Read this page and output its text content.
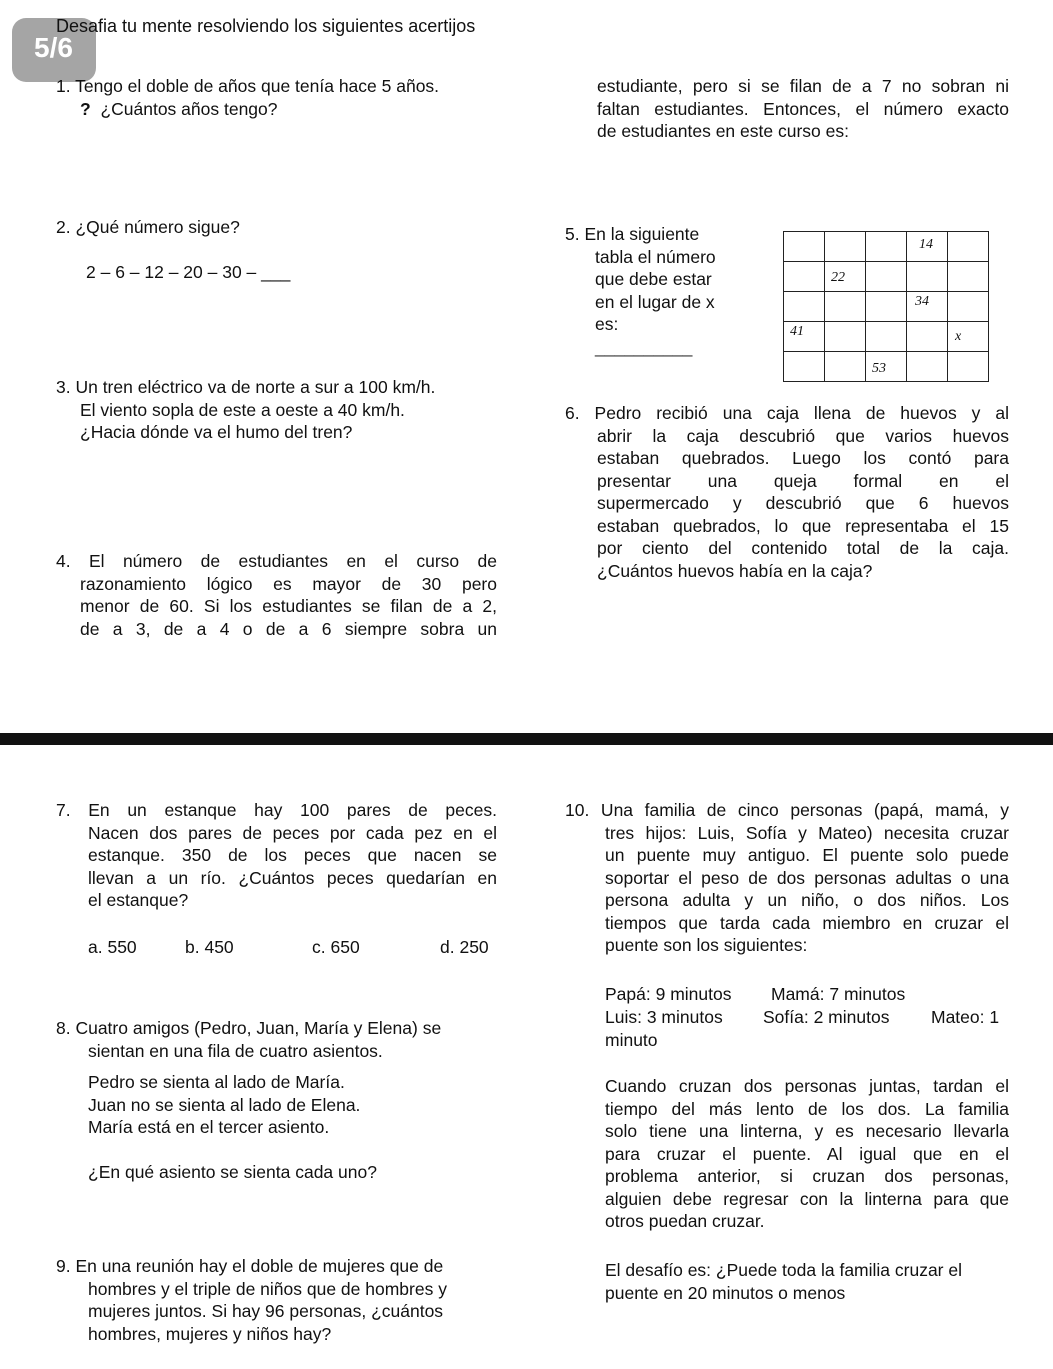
5/6
Desafia tu mente resolviendo los siguientes acertijos
1. Tengo el doble de años que tenía hace 5 años.
? ¿Cuántos años tengo?
estudiante, pero si se filan de a 7 no sobran ni
faltan estudiantes. Entonces, el número exacto
de estudiantes en este curso es:
2. ¿Qué número sigue?
2 – 6 – 12 – 20 – 30 – ___
5. En la siguiente
tabla el número
que debe estar
en el lugar de x
es:
__________

			14	

	22			

			34	

41				x

		53		

3. Un tren eléctrico va de norte a sur a 100 km/h.
El viento sopla de este a oeste a 40 km/h.
¿Hacia dónde va el humo del tren?
6. Pedro recibió una caja llena de huevos y al
abrir la caja descubrió que varios huevos
estaban quebrados. Luego los contó para
presentar una queja formal en el
supermercado y descubrió que 6 huevos
estaban quebrados, lo que representaba el 15
por ciento del contenido total de la caja.
¿Cuántos huevos había en la caja?
4. El número de estudiantes en el curso de
razonamiento lógico es mayor de 30 pero
menor de 60. Si los estudiantes se filan de a 2,
de a 3, de a 4 o de a 6 siempre sobra un
7. En un estanque hay 100 pares de peces.
Nacen dos pares de peces por cada pez en el
estanque. 350 de los peces que nacen se
llevan a un río. ¿Cuántos peces quedarían en
el estanque?
a. 550	b. 450	c. 650	d. 250
8. Cuatro amigos (Pedro, Juan, María y Elena) se
sientan en una fila de cuatro asientos.
Pedro se sienta al lado de María.
Juan no se sienta al lado de Elena.
María está en el tercer asiento.
¿En qué asiento se sienta cada uno?
9. En una reunión hay el doble de mujeres que de
hombres y el triple de niños que de hombres y
mujeres juntos. Si hay 96 personas, ¿cuántos
hombres, mujeres y niños hay?
10. Una familia de cinco personas (papá, mamá, y
tres hijos: Luis, Sofía y Mateo) necesita cruzar
un puente muy antiguo. El puente solo puede
soportar el peso de dos personas adultas o una
persona adulta y un niño, o dos niños. Los
tiempos que tarda cada miembro en cruzar el
puente son los siguientes:
Papá: 9 minutos Mamá: 7 minutos
Luis: 3 minutos Sofía: 2 minutos Mateo: 1
minuto
Cuando cruzan dos personas juntas, tardan el
tiempo del más lento de los dos. La familia
solo tiene una linterna, y es necesario llevarla
para cruzar el puente. Al igual que en el
problema anterior, si cruzan dos personas,
alguien debe regresar con la linterna para que
otros puedan cruzar.
El desafío es: ¿Puede toda la familia cruzar el
puente en 20 minutos o menos
